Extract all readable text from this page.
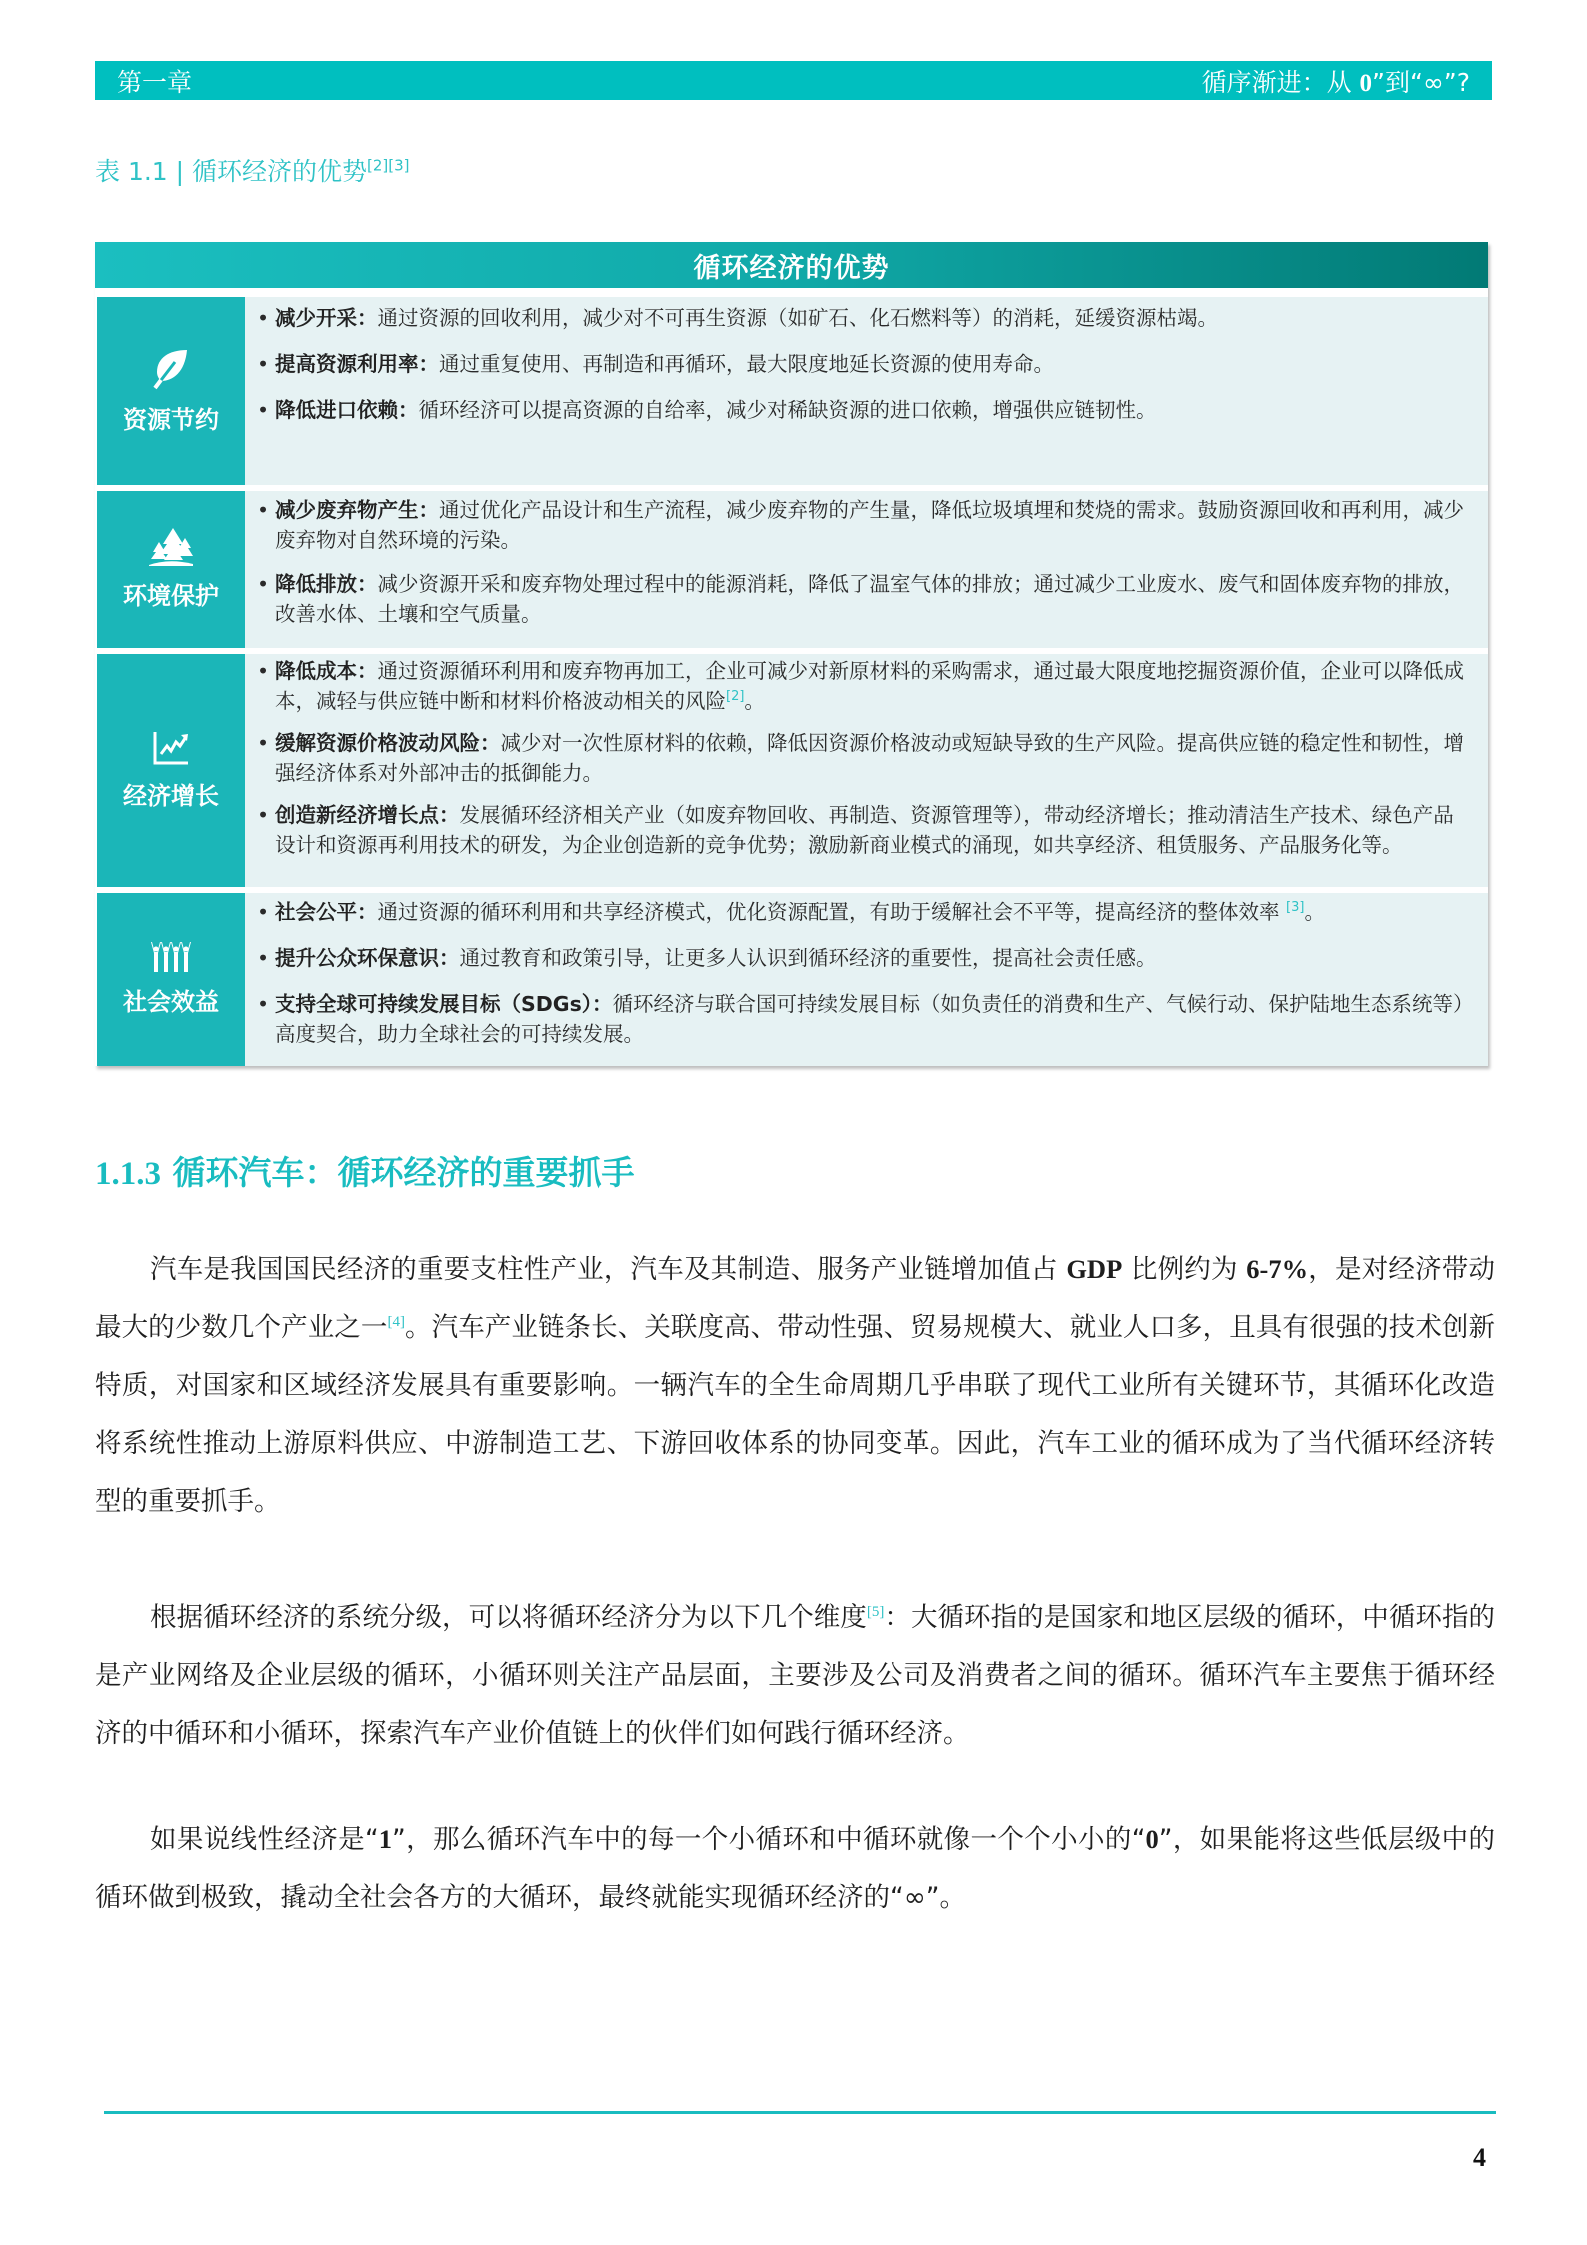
第一章	循序渐进：从 0”到“∞”?
表 1.1 | 循环经济的优势[2][3]
循环经济的优势
资源节约
• 减少开采：通过资源的回收利用，减少对不可再生资源（如矿石、化石燃料等）的消耗，延缓资源枯竭。
• 提高资源利用率：通过重复使用、再制造和再循环，最大限度地延长资源的使用寿命。
• 降低进口依赖：循环经济可以提高资源的自给率，减少对稀缺资源的进口依赖，增强供应链韧性。
环境保护
• 减少废弃物产生：通过优化产品设计和生产流程，减少废弃物的产生量，降低垃圾填埋和焚烧的需求。鼓励资源回收和再利用，减少废弃物对自然环境的污染。
• 降低排放：减少资源开采和废弃物处理过程中的能源消耗，降低了温室气体的排放；通过减少工业废水、废气和固体废弃物的排放，改善水体、土壤和空气质量。
经济增长
• 降低成本：通过资源循环利用和废弃物再加工，企业可减少对新原材料的采购需求，通过最大限度地挖掘资源价值，企业可以降低成本，减轻与供应链中断和材料价格波动相关的风险[2]。
• 缓解资源价格波动风险：减少对一次性原材料的依赖，降低因资源价格波动或短缺导致的生产风险。提高供应链的稳定性和韧性，增强经济体系对外部冲击的抵御能力。
• 创造新经济增长点：发展循环经济相关产业（如废弃物回收、再制造、资源管理等），带动经济增长；推动清洁生产技术、绿色产品设计和资源再利用技术的研发，为企业创造新的竞争优势；激励新商业模式的涌现，如共享经济、租赁服务、产品服务化等。
社会效益
• 社会公平：通过资源的循环利用和共享经济模式，优化资源配置，有助于缓解社会不平等，提高经济的整体效率 [3]。
• 提升公众环保意识：通过教育和政策引导，让更多人认识到循环经济的重要性，提高社会责任感。
• 支持全球可持续发展目标（SDGs）：循环经济与联合国可持续发展目标（如负责任的消费和生产、气候行动、保护陆地生态系统等）高度契合，助力全球社会的可持续发展。
1.1.3 循环汽车：循环经济的重要抓手
汽车是我国国民经济的重要支柱性产业，汽车及其制造、服务产业链增加值占 GDP 比例约为 6-7%，是对经济带动最大的少数几个产业之一[4]。汽车产业链条长、关联度高、带动性强、贸易规模大、就业人口多，且具有很强的技术创新特质，对国家和区域经济发展具有重要影响。一辆汽车的全生命周期几乎串联了现代工业所有关键环节，其循环化改造将系统性推动上游原料供应、中游制造工艺、下游回收体系的协同变革。因此，汽车工业的循环成为了当代循环经济转型的重要抓手。
根据循环经济的系统分级，可以将循环经济分为以下几个维度[5]：大循环指的是国家和地区层级的循环，中循环指的是产业网络及企业层级的循环，小循环则关注产品层面，主要涉及公司及消费者之间的循环。循环汽车主要焦于循环经济的中循环和小循环，探索汽车产业价值链上的伙伴们如何践行循环经济。
如果说线性经济是“1”，那么循环汽车中的每一个小循环和中循环就像一个个小小的“0”，如果能将这些低层级中的循环做到极致，撬动全社会各方的大循环，最终就能实现循环经济的“∞”。
4
